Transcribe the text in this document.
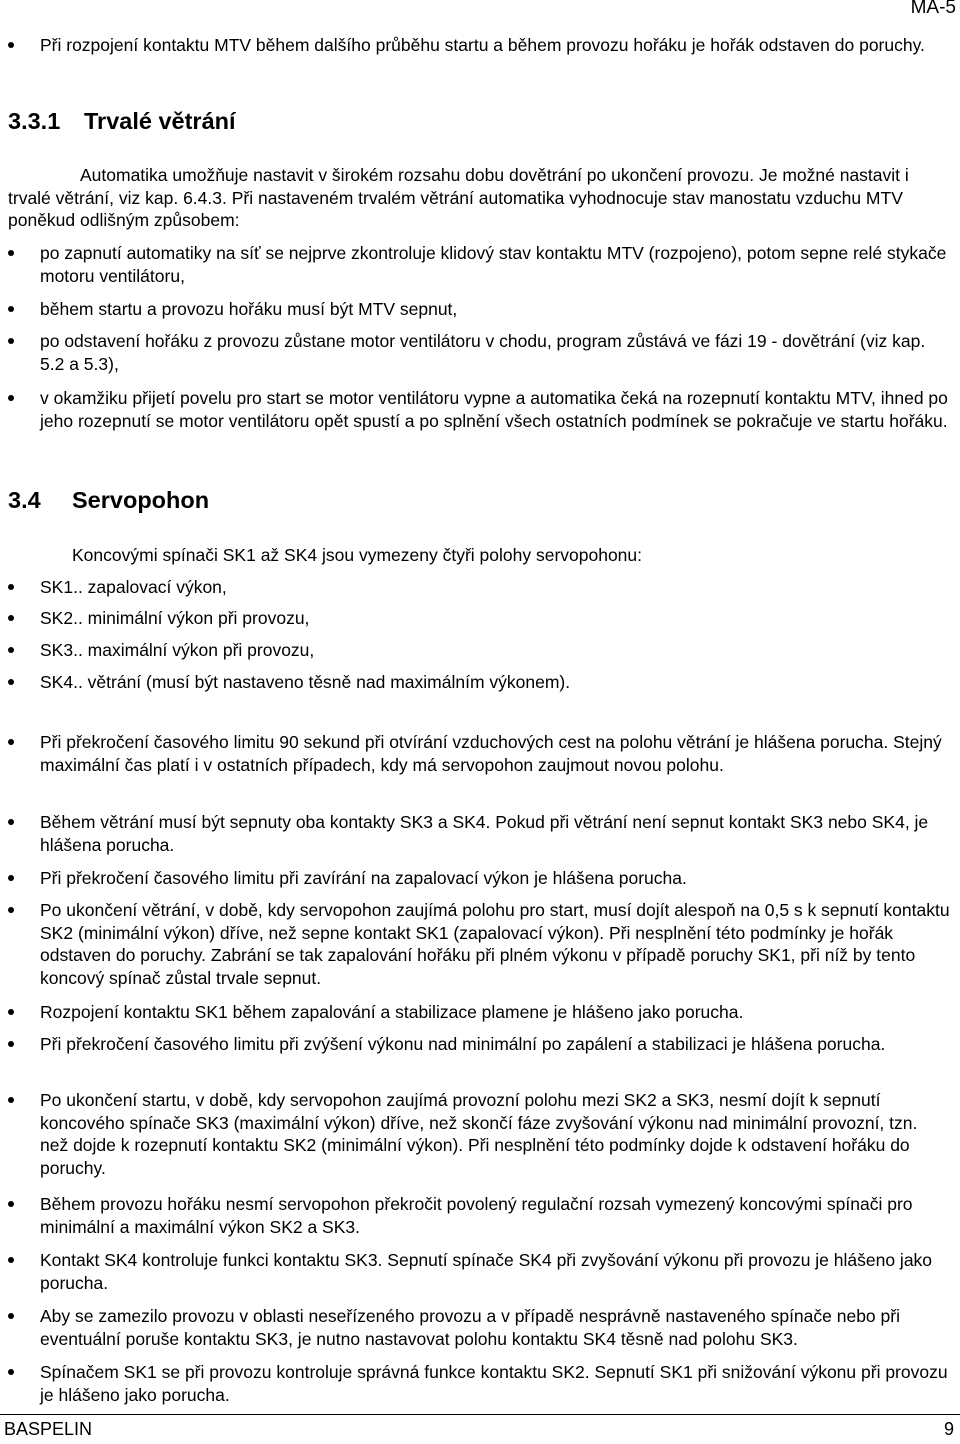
MA-5

Při rozpojení kontaktu MTV během dalšího průběhu startu a během provozu hořáku je hořák odstaven do poruchy.

3.3.1 Trvalé větrání

Automatika umožňuje nastavit v širokém rozsahu dobu dovětrání po ukončení provozu. Je možné nastavit i trvalé větrání, viz kap. 6.4.3. Při nastaveném trvalém větrání automatika vyhodnocuje stav manostatu vzduchu MTV poněkud odlišným způsobem:

po zapnutí automatiky na síť se nejprve zkontroluje klidový stav kontaktu MTV (rozpojeno), potom sepne relé stykače motoru ventilátoru,

během startu a provozu hořáku musí být MTV sepnut,

po odstavení hořáku z provozu zůstane motor ventilátoru v chodu, program zůstává ve fázi 19 - dovětrání (viz kap. 5.2 a 5.3),

v okamžiku přijetí povelu pro start se motor ventilátoru vypne a automatika čeká na rozepnutí kontaktu MTV, ihned po jeho rozepnutí se motor ventilátoru opět spustí a po splnění všech ostatních podmínek se pokračuje ve startu hořáku.

3.4 Servopohon

Koncovými spínači SK1 až SK4 jsou vymezeny čtyři polohy servopohonu:

SK1.. zapalovací výkon,

SK2.. minimální výkon při provozu,

SK3.. maximální výkon při provozu,

SK4.. větrání (musí být nastaveno těsně nad maximálním výkonem).

Při překročení časového limitu 90 sekund při otvírání vzduchových cest na polohu větrání je hlášena porucha. Stejný maximální čas platí i v ostatních případech, kdy má servopohon zaujmout novou polohu.

Během větrání musí být sepnuty oba kontakty SK3 a SK4. Pokud při větrání není sepnut kontakt SK3 nebo SK4, je hlášena porucha.

Při překročení časového limitu při zavírání na zapalovací výkon je hlášena porucha.

Po ukončení větrání, v době, kdy servopohon zaujímá polohu pro start, musí dojít alespoň na 0,5 s k sepnutí kontaktu SK2 (minimální výkon) dříve, než sepne kontakt SK1 (zapalovací výkon). Při nesplnění této podmínky je hořák odstaven do poruchy. Zabrání se tak zapalování hořáku při plném výkonu v případě poruchy SK1, při níž by tento koncový spínač zůstal trvale sepnut.

Rozpojení kontaktu SK1 během zapalování a stabilizace plamene je hlášeno jako porucha.

Při překročení časového limitu při zvýšení výkonu nad minimální po zapálení a stabilizaci je hlášena porucha.

Po ukončení startu, v době, kdy servopohon zaujímá provozní polohu mezi SK2 a SK3, nesmí dojít k sepnutí koncového spínače SK3 (maximální výkon) dříve, než skončí fáze zvyšování výkonu nad minimální provozní, tzn. než dojde k rozepnutí kontaktu SK2 (minimální výkon). Při nesplnění této podmínky dojde k odstavení hořáku do poruchy.

Během provozu hořáku nesmí servopohon překročit povolený regulační rozsah vymezený koncovými spínači pro minimální a maximální výkon SK2 a SK3.

Kontakt SK4 kontroluje funkci kontaktu SK3. Sepnutí spínače SK4 při zvyšování výkonu při provozu je hlášeno jako porucha.

Aby se zamezilo provozu v oblasti neseřízeného provozu a v případě nesprávně nastaveného spínače nebo při eventuální poruše kontaktu SK3, je nutno nastavovat polohu kontaktu SK4 těsně nad polohu SK3.

Spínačem SK1 se při provozu kontroluje správná funkce kontaktu SK2. Sepnutí SK1 při snižování výkonu při provozu je hlášeno jako porucha.

BASPELIN	9
